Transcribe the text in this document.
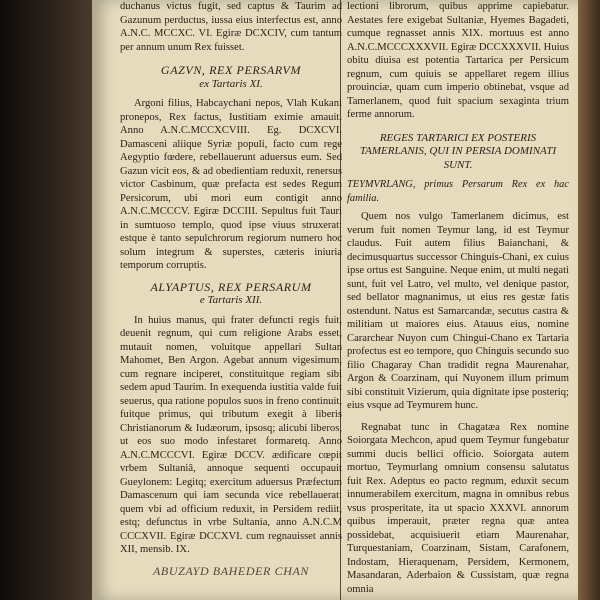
duchanus victus fugit, sed captus & Taurim ad Gazunum perductus, iussa eius interfectus est, anno A.N.C. MCCXC. VI. Egiræ DCXCIV, cum tantum per annum unum Rex fuisset.

GAZVN, REX PERSARVM

ex Tartaris XI.

Argoni filius, Habcaychani nepos, Vlah Kukani pronepos, Rex factus, Iustitiam eximie amauit. Anno A.N.C.MCCXCVIII. Eg. DCXCVI. Damasceni aliique Syriæ populi, facto cum rege Aegyptio fœdere, rebellauerunt aduersus eum. Sed Gazun vicit eos, & ad obedientiam reduxit, renersus victor Casbinum, quæ prefacta est sedes Regum Persicorum, ubi mori eum contigit anno A.N.C.MCCCV. Egiræ DCCIII. Sepultus fuit Tauri in sumtuoso templo, quod ipse viuus struxerat: estque è tanto sepulchrorum regiorum numero hoc solum integrum & superstes, cæteris iniuria temporum corruptis.

ALYAPTUS, REX PERSARUM

e Tartaris XII.

In huius manus, qui frater defuncti regis fuit, deuenit regnum, qui cum religione Arabs esset, mutauit nomen, voluitque appellari Sultan Mahomet, Ben Argon. Agebat annum vigesimum, cum regnare inciperet, constituitque regiam sibi sedem apud Taurim. In exequenda iustitia valde fuit seuerus, qua ratione populos suos in freno continuit, fuitque primus, qui tributum exegit à liberis Christianorum & Iudæorum, ipsosq; alicubi liberos, ut eos suo modo infestaret formaretq. Anno A.N.C.MCCCVI. Egiræ DCCV. ædificare cœpit vrbem Sultaniâ, annoque sequenti occupauit Gueylonem: Legitq; exercitum aduersus Præfectum Damascenum qui iam secunda vice rebellauerat: quem vbi ad officium reduxit, in Persidem rediit, estq; defunctus in vrbe Sultania, anno A.N.C.M CCCXVII. Egiræ DCCXVI. cum regnauisset annis XII, mensib. IX.

ABUZAYD BAHEDER CHAN

lectioni librorum, quibus apprime capiebatur. Aestates fere exigebat Sultaniæ, Hyemes Bagadeti, cumque regnasset annis XIX. mortuus est anno A.N.C.MCCCXXXVII. Egiræ DCCXXXVII. Huius obitu diuisa est potentia Tartarica per Persicum regnum, cum quiuis se appellaret regem illius prouinciæ, quam cum imperio obtinebat, vsque ad Tamerlanem, quod fuit spacium sexaginta trium ferme annorum.

REGES TARTARICI EX POSTERIS TAMERLANIS, QUI IN PERSIA DOMINATI SUNT.

TEYMVRLANG, primus Persarum Rex ex hac familia.

Quem nos vulgo Tamerlanem dicimus, est verum fuit nomen Teymur lang, id est Teymur claudus. Fuit autem filius Baianchani, & decimusquartus successor Chinguis-Chani, ex cuius ipse ortus est Sanguine. Neque enim, ut multi negati sunt, fuit vel Latro, vel multo, vel denique pastor, sed bellator magnanimus, ut eius res gestæ fatis ostendunt. Natus est Samarcandæ, secutus castra & militiam ut maiores eius. Atauus eius, nomine Cararchear Nuyon cum Chingui-Chano ex Tartaria profectus est eo tempore, quo Chinguis secundo suo filio Chagaray Chan tradidit regna Maurenahar, Argon & Coarzinam, qui Nuyonem illum primum sibi constituit Vizierum, quia dignitate ipse posteriq; eius vsque ad Teymurem hunc.

Regnabat tunc in Chagatæa Rex nomine Soiorgata Mechcon, apud quem Teymur fungebatur summi ducis bellici officio. Soiorgata autem mortuo, Teymurlang omnium consensu salutatus fuit Rex. Adeptus eo pacto regnum, eduxit secum innumerabilem exercitum, magna in omnibus rebus vsus prosperitate, ita ut spacio XXXVI. annorum quibus imperauit, præter regna quæ antea possidebat, acquisiuerit etiam Maurenahar, Turquestaniam, Coarzinam, Sistam, Carafonem, Indostam, Hieraquenam, Persidem, Kermonem, Masandaran, Aderbaion & Cussistam, quæ regna omnia
